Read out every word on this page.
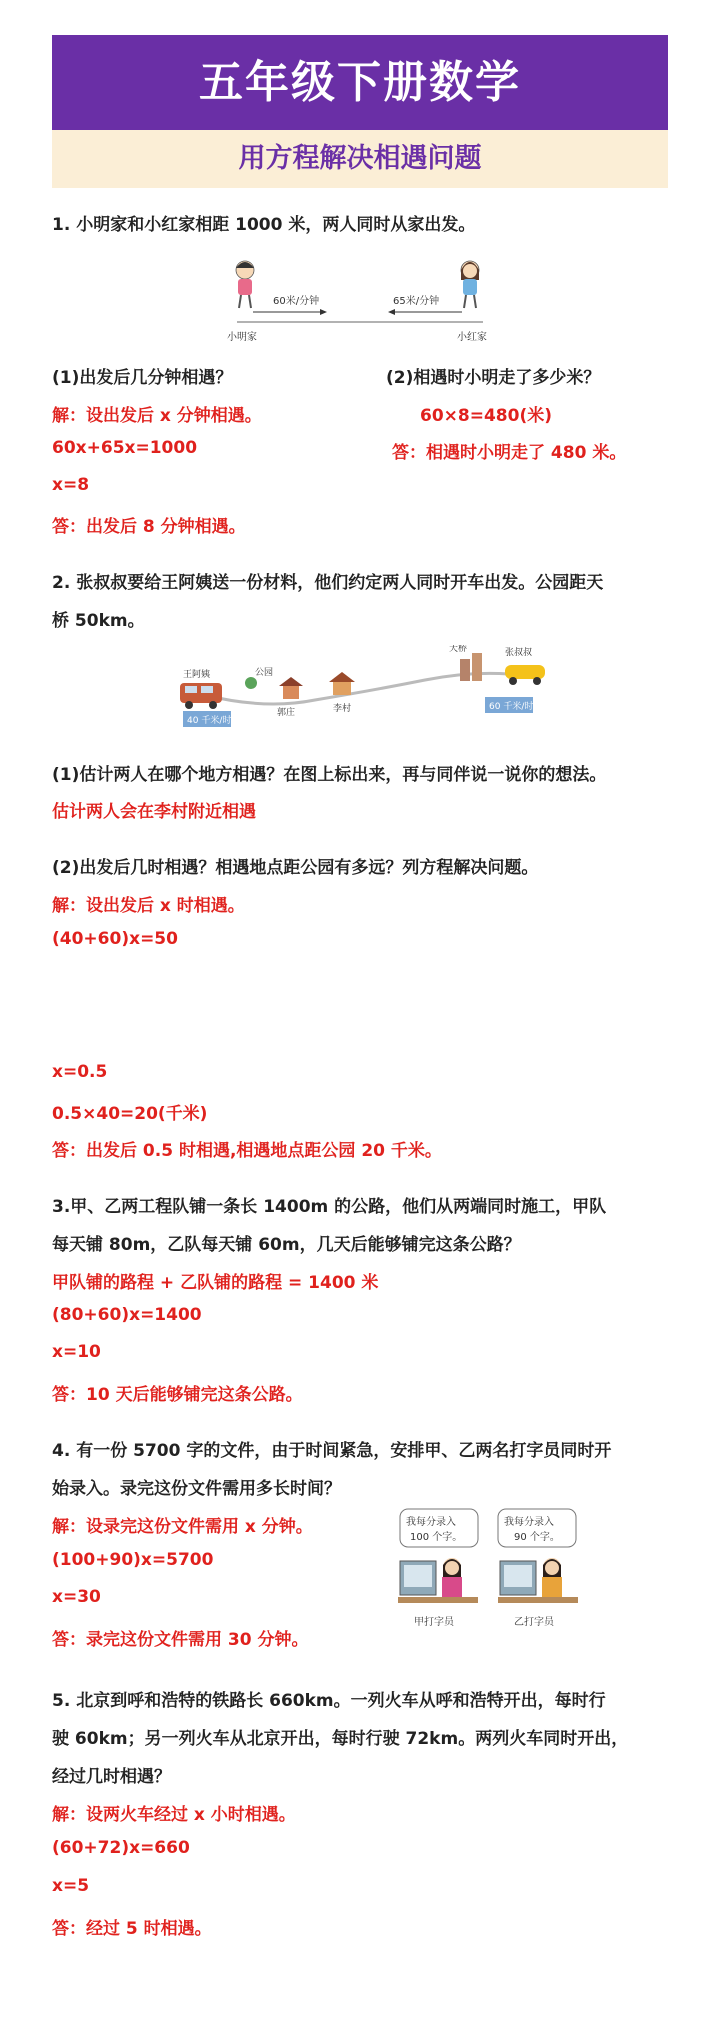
五年级下册数学
用方程解决相遇问题
1. 小明家和小红家相距 1000 米，两人同时从家出发。
60米/分钟	65米/分钟
小明家	小红家
(1)出发后几分钟相遇？	(2)相遇时小明走了多少米？
解：设出发后 x 分钟相遇。
60x+65x=1000
x=8
答：出发后 8 分钟相遇。
60×8=480(米)
答：相遇时小明走了 480 米。
2. 张叔叔要给王阿姨送一份材料，他们约定两人同时开车出发。公园距天
桥 50km。
40 千米/时
王阿姨	公园
郭庄	李村
天桥	张叔叔
60 千米/时
(1)估计两人在哪个地方相遇？在图上标出来，再与同伴说一说你的想法。
估计两人会在李村附近相遇
(2)出发后几时相遇？相遇地点距公园有多远？列方程解决问题。
解：设出发后 x 时相遇。
(40+60)x=50
x=0.5
0.5×40=20(千米)
答：出发后 0.5 时相遇,相遇地点距公园 20 千米。
3.甲、乙两工程队铺一条长 1400m 的公路，他们从两端同时施工，甲队
每天铺 80m，乙队每天铺 60m，几天后能够铺完这条公路？
甲队铺的路程 + 乙队铺的路程 = 1400 米
(80+60)x=1400
x=10
答：10 天后能够铺完这条公路。
4. 有一份 5700 字的文件，由于时间紧急，安排甲、乙两名打字员同时开
始录入。录完这份文件需用多长时间？
解：设录完这份文件需用 x 分钟。
(100+90)x=5700
x=30
答：录完这份文件需用 30 分钟。
我每分录入
100 个字。
我每分录入
90 个字。
甲打字员	乙打字员
5. 北京到呼和浩特的铁路长 660km。一列火车从呼和浩特开出，每时行
驶 60km；另一列火车从北京开出，每时行驶 72km。两列火车同时开出，
经过几时相遇？
解：设两火车经过 x 小时相遇。
(60+72)x=660
x=5
答：经过 5 时相遇。
